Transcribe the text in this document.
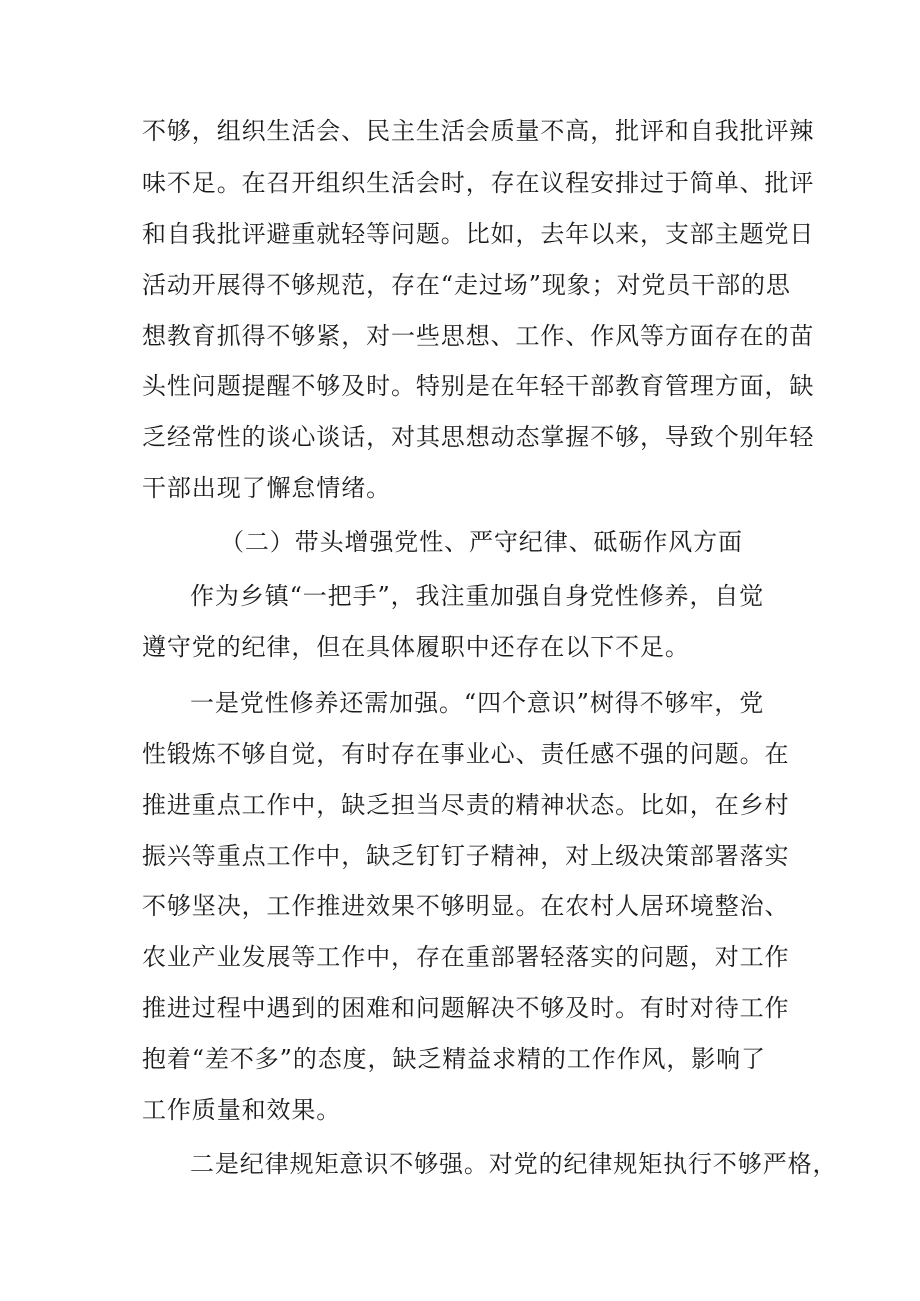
不够，组织生活会、民主生活会质量不高，批评和自我批评辣
味不足。在召开组织生活会时，存在议程安排过于简单、批评
和自我批评避重就轻等问题。比如，去年以来，支部主题党日
活动开展得不够规范，存在“走过场”现象；对党员干部的思
想教育抓得不够紧，对一些思想、工作、作风等方面存在的苗
头性问题提醒不够及时。特别是在年轻干部教育管理方面，缺
乏经常性的谈心谈话，对其思想动态掌握不够，导致个别年轻
干部出现了懈怠情绪。
（二）带头增强党性、严守纪律、砥砺作风方面
作为乡镇“一把手”，我注重加强自身党性修养，自觉
遵守党的纪律，但在具体履职中还存在以下不足。
一是党性修养还需加强。“四个意识”树得不够牢，党
性锻炼不够自觉，有时存在事业心、责任感不强的问题。在
推进重点工作中，缺乏担当尽责的精神状态。比如，在乡村
振兴等重点工作中，缺乏钉钉子精神，对上级决策部署落实
不够坚决，工作推进效果不够明显。在农村人居环境整治、
农业产业发展等工作中，存在重部署轻落实的问题，对工作
推进过程中遇到的困难和问题解决不够及时。有时对待工作
抱着“差不多”的态度，缺乏精益求精的工作作风，影响了
工作质量和效果。
二是纪律规矩意识不够强。对党的纪律规矩执行不够严格，
